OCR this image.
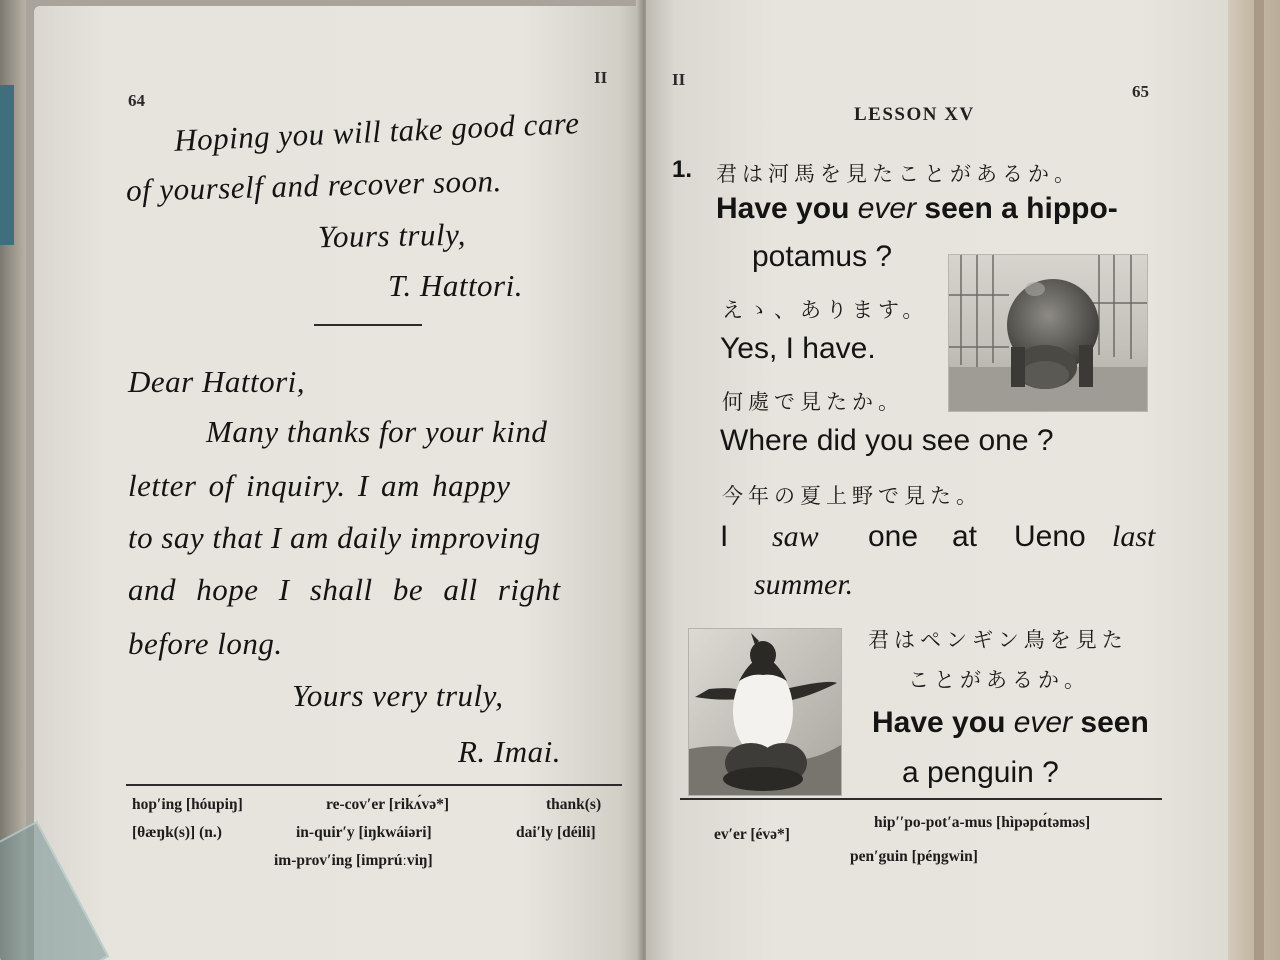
64
II
Hoping you will take good care
of yourself and recover soon.
Yours truly,
T. Hattori.
Dear Hattori,
Many thanks for your kind
letter of inquiry. I am happy
to say that I am daily improving
and hope I shall be all right
before long.
Yours very truly,
R. Imai.
hop′ing [hóupiŋ]	re-cov′er [rikʌ́və*]	thank(s)
[θæŋk(s)] (n.)	in-quir′y [iŋkwáiəri]	dai′ly [déili]
im-prov′ing [imprúːviŋ]
II
65
LESSON XV
1. 君は河馬を見たことがあるか。
Have you ever seen a hippo-
potamus ?
えゝ、あります。
Yes, I have.
何處で見たか。
Where did you see one ?
今年の夏上野で見た。
I saw one at Ueno last
summer.
君はペンギン鳥を見た
ことがあるか。
Have you ever seen
a penguin ?
ev′er [évə*]
hip′′po-pot′a-mus [hìpəpɑ́təməs]
pen′guin [péŋgwin]
